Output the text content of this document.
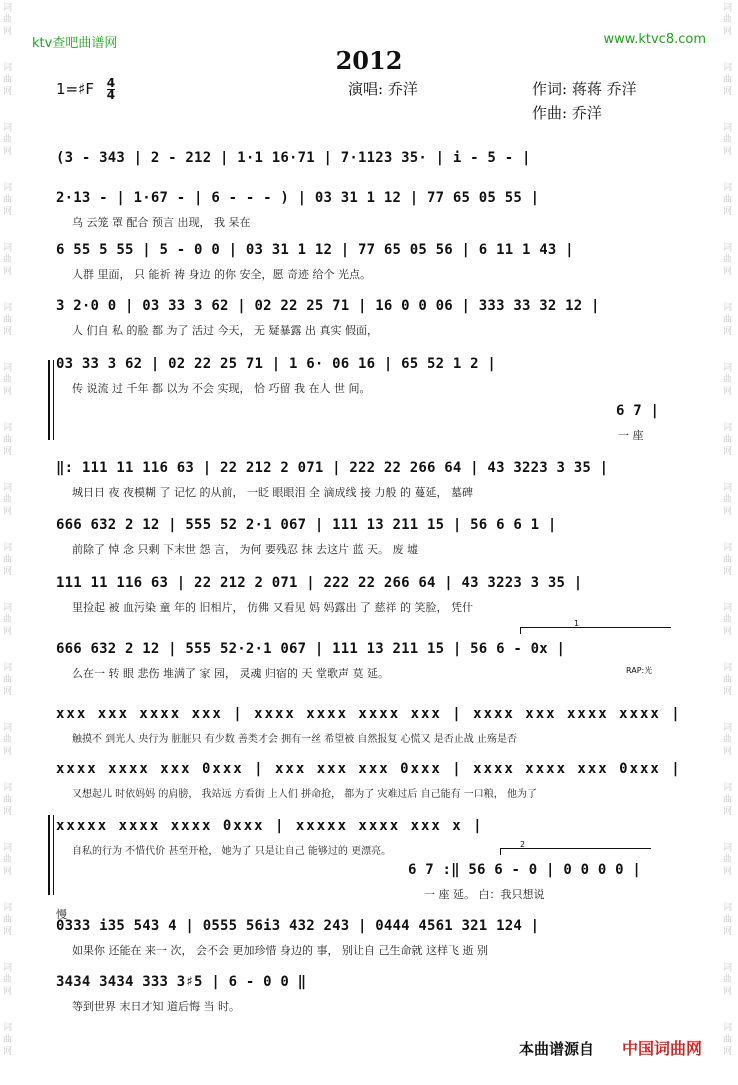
词
曲
网
词
曲
网
词
曲
网
词
曲
网
词
曲
网
词
曲
网
词
曲
网
词
曲
网
词
曲
网
词
曲
网
词
曲
网
词
曲
网
词
曲
网
词
曲
网
词
曲
网
词
曲
网
词
曲
网
词
曲
网
词
曲
网
词
曲
网
词
曲
网
词
曲
网
词
曲
网
词
曲
网
词
曲
网
词
曲
网
词
曲
网
词
曲
网
词
曲
网
词
曲
网
词
曲
网
词
曲
网
词
曲
网
词
曲
网
词
曲
网
词
曲
网
ktv查吧曲谱网	www.ktvc8.com
2012
1=♯F $\frac{4}{4}$	演唱: 乔洋	作词: 蒋蒋 乔洋
作曲: 乔洋
(3 - 343 | 2 - 212 | 1·1 16·71 | 7·1123 35· | i - 5 - |
2·13 - | 1·67 - | 6 - - - ) | 03 31 1 12 | 77 65 05 55 |
乌 云笼 罩 配合 预言 出现， 我 呆在
6 55 5 55 | 5 - 0 0 | 03 31 1 12 | 77 65 05 56 | 6 11 1 43 |
人群 里面， 只 能祈 祷 身边 的你 安全，愿 奇迹 给个 光点。
3 2·0 0 | 03 33 3 62 | 02 22 25 71 | 16 0 0 06 | 333 33 32 12 |
人 们自 私 的脸 都 为了 活过 今天， 无 疑暴露 出 真实 假面，
03 33 3 62 | 02 22 25 71 | 1 6· 06 16 | 65 52 1 2 |
传 说流 过 千年 都 以为 不会 实现， 恰 巧留 我 在人 世 间。
6 7 |
一 座
‖: 111 11 116 63 | 22 212 2 071 | 222 22 266 64 | 43 3223 3 35 |
城日日 夜 夜模糊 了 记忆 的从前， 一眨 眼眼泪 全 滴成线 接 力般 的 蔓延， 墓碑
666 632 2 12 | 555 52 2·1 067 | 111 13 211 15 | 56 6 6 1 |
前除了 悼 念 只剩 下末世 怨 言， 为何 要残忍 抹 去这片 蓝 天。 废 墟
111 11 116 63 | 22 212 2 071 | 222 22 266 64 | 43 3223 3 35 |
里捡起 被 血污染 童 年的 旧相片， 仿佛 又看见 妈 妈露出 了 慈祥 的 笑脸， 凭什
666 632 2 12 | 555 52·2·1 067 | 111 13 211 15 | 56 6 - 0x |
么在一 转 眼 悲伤 堆满了 家 园， 灵魂 归宿的 天 堂歌声 莫 延。	RAP:光
1
xxx xxx xxxx xxx | xxxx xxxx xxxx xxx | xxxx xxx xxxx xxxx |
触摸不 到光人 央行为 脏脏只 有少数 善类才会 拥有一丝 希望被 自然报复 心慌又 是否止战 止殇是否
xxxx xxxx xxx 0xxx | xxx xxx xxx 0xxx | xxxx xxxx xxx 0xxx |
又想起儿 时依妈妈 的肩膀， 我站远 方看街 上人们 拼命抢， 都为了 灾难过后 自己能有 一口粮， 他为了
xxxxx xxxx xxxx 0xxx | xxxxx xxxx xxx x |
自私的行为 不惜代价 甚至开枪， 她为了 只是让自己 能够过的 更漂亮。
6 7 :‖ 56 6 - 0 | 0 0 0 0 |
一 座 延。 白：我只想说
2
0333 i35 543 4 | 0555 56i3 432 243 | 0444 4561 321 124 |
如果你 还能在 来一 次， 会不会 更加珍惜 身边的 事， 别让自 己生命就 这样飞 逝 别
慢
3434 3434 333 3♯5 | 6 - 0 0 ‖
等到世界 末日才知 道后悔 当 时。
本曲谱源自 中国词曲网
